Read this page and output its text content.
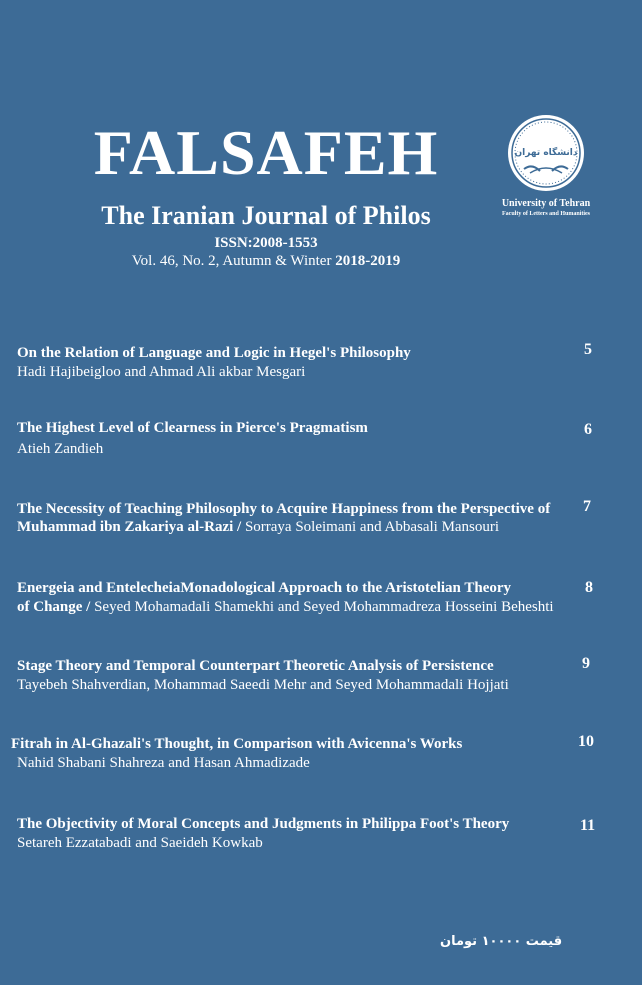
FALSAFEH
The Iranian Journal of Philos
ISSN:2008-1553
Vol. 46, No. 2, Autumn & Winter 2018-2019
دانشگاه تهران
University of Tehran
Faculty of Letters and Humanities
On the Relation of Language and Logic in Hegel's Philosophy
Hadi Hajibeigloo and Ahmad Ali akbar Mesgari
5
The Highest Level of Clearness in Pierce's Pragmatism
Atieh Zandieh
6
The Necessity of Teaching Philosophy to Acquire Happiness from the Perspective of
Muhammad ibn Zakariya al-Razi / Sorraya Soleimani and Abbasali Mansouri
7
Energeia and EntelecheiaMonadological Approach to the Aristotelian Theory
of Change / Seyed Mohamadali Shamekhi and Seyed Mohammadreza Hosseini Beheshti
8
Stage Theory and Temporal Counterpart Theoretic Analysis of Persistence
Tayebeh Shahverdian, Mohammad Saeedi Mehr and Seyed Mohammadali Hojjati
9
Fitrah in Al-Ghazali's Thought, in Comparison with Avicenna's Works
Nahid Shabani Shahreza and Hasan Ahmadizade
10
The Objectivity of Moral Concepts and Judgments in Philippa Foot's Theory
Setareh Ezzatabadi and Saeideh Kowkab
11
قیمت ۱۰۰۰۰ تومان
